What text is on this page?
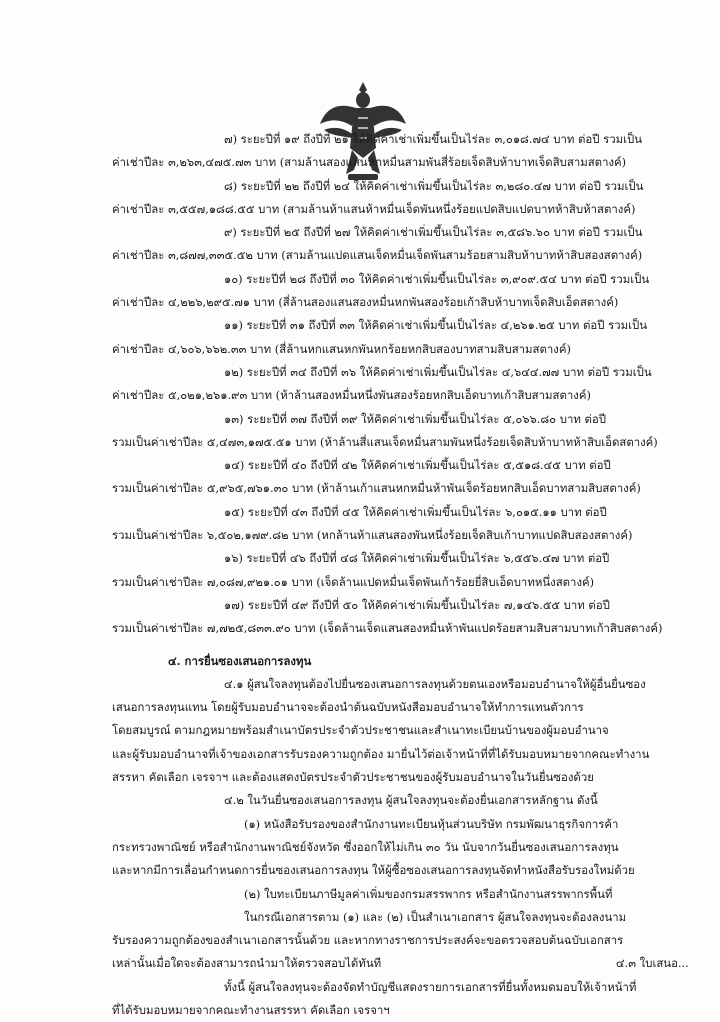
๗) ระยะปีที่ ๑๙ ถึงปีที่ ๒๑ ให้คิดค่าเช่าเพิ่มขึ้นเป็นไร่ละ ๓,๐๑๘.๗๔ บาท ต่อปี รวมเป็น
ค่าเช่าปีละ ๓,๒๖๓,๔๗๕.๗๓ บาท (สามล้านสองแสนหกหมื่นสามพันสี่ร้อยเจ็ดสิบห้าบาทเจ็ดสิบสามสตางค์)
๘) ระยะปีที่ ๒๒ ถึงปีที่ ๒๔ ให้คิดค่าเช่าเพิ่มขึ้นเป็นไร่ละ ๓,๒๘๐.๔๗ บาท ต่อปี รวมเป็น
ค่าเช่าปีละ ๓,๕๕๗,๑๘๘.๕๕ บาท (สามล้านห้าแสนห้าหมื่นเจ็ดพันหนึ่งร้อยแปดสิบแปดบาทห้าสิบห้าสตางค์)
๙) ระยะปีที่ ๒๕ ถึงปีที่ ๒๗ ให้คิดค่าเช่าเพิ่มขึ้นเป็นไร่ละ ๓,๕๘๖.๖๐ บาท ต่อปี รวมเป็น
ค่าเช่าปีละ ๓,๘๗๗,๓๓๕.๕๒ บาท (สามล้านแปดแสนเจ็ดหมื่นเจ็ดพันสามร้อยสามสิบห้าบาทห้าสิบสองสตางค์)
๑๐) ระยะปีที่ ๒๘ ถึงปีที่ ๓๐ ให้คิดค่าเช่าเพิ่มขึ้นเป็นไร่ละ ๓,๙๐๙.๕๔ บาท ต่อปี รวมเป็น
ค่าเช่าปีละ ๔,๒๒๖,๒๙๕.๗๑ บาท (สี่ล้านสองแสนสองหมื่นหกพันสองร้อยเก้าสิบห้าบาทเจ็ดสิบเอ็ดสตางค์)
๑๑) ระยะปีที่ ๓๑ ถึงปีที่ ๓๓ ให้คิดค่าเช่าเพิ่มขึ้นเป็นไร่ละ ๔,๒๖๑.๒๕ บาท ต่อปี รวมเป็น
ค่าเช่าปีละ ๔,๖๐๖,๖๖๒.๓๓ บาท (สี่ล้านหกแสนหกพันหกร้อยหกสิบสองบาทสามสิบสามสตางค์)
๑๒) ระยะปีที่ ๓๔ ถึงปีที่ ๓๖ ให้คิดค่าเช่าเพิ่มขึ้นเป็นไร่ละ ๔,๖๔๔.๗๗ บาท ต่อปี รวมเป็น
ค่าเช่าปีละ ๕,๐๒๑,๒๖๑.๙๓ บาท (ห้าล้านสองหมื่นหนึ่งพันสองร้อยหกสิบเอ็ดบาทเก้าสิบสามสตางค์)
๑๓) ระยะปีที่ ๓๗ ถึงปีที่ ๓๙ ให้คิดค่าเช่าเพิ่มขึ้นเป็นไร่ละ ๕,๐๖๖.๘๐ บาท ต่อปี
รวมเป็นค่าเช่าปีละ ๕,๔๗๓,๑๗๕.๕๑ บาท (ห้าล้านสี่แสนเจ็ดหมื่นสามพันหนึ่งร้อยเจ็ดสิบห้าบาทห้าสิบเอ็ดสตางค์)
๑๔) ระยะปีที่ ๔๐ ถึงปีที่ ๔๒ ให้คิดค่าเช่าเพิ่มขึ้นเป็นไร่ละ ๕,๕๑๘.๔๕ บาท ต่อปี
รวมเป็นค่าเช่าปีละ ๕,๙๖๕,๗๖๑.๓๐ บาท (ห้าล้านเก้าแสนหกหมื่นห้าพันเจ็ดร้อยหกสิบเอ็ดบาทสามสิบสตางค์)
๑๕) ระยะปีที่ ๔๓ ถึงปีที่ ๔๕ ให้คิดค่าเช่าเพิ่มขึ้นเป็นไร่ละ ๖,๐๑๕.๑๑ บาท ต่อปี
รวมเป็นค่าเช่าปีละ ๖,๕๐๒,๑๗๙.๘๒ บาท (หกล้านห้าแสนสองพันหนึ่งร้อยเจ็ดสิบเก้าบาทแปดสิบสองสตางค์)
๑๖) ระยะปีที่ ๔๖ ถึงปีที่ ๔๘ ให้คิดค่าเช่าเพิ่มขึ้นเป็นไร่ละ ๖,๕๕๖.๔๗ บาท ต่อปี
รวมเป็นค่าเช่าปีละ ๗,๐๘๗,๙๒๑.๐๑ บาท (เจ็ดล้านแปดหมื่นเจ็ดพันเก้าร้อยยี่สิบเอ็ดบาทหนึ่งสตางค์)
๑๗) ระยะปีที่ ๔๙ ถึงปีที่ ๕๐ ให้คิดค่าเช่าเพิ่มขึ้นเป็นไร่ละ ๗,๑๔๖.๕๕ บาท ต่อปี
รวมเป็นค่าเช่าปีละ ๗,๗๒๕,๘๓๓.๙๐ บาท (เจ็ดล้านเจ็ดแสนสองหมื่นห้าพันแปดร้อยสามสิบสามบาทเก้าสิบสตางค์)
๔. การยื่นซองเสนอการลงทุน
๔.๑ ผู้สนใจลงทุนต้องไปยื่นซองเสนอการลงทุนด้วยตนเองหรือมอบอำนาจให้ผู้อื่นยื่นซอง
เสนอการลงทุนแทน โดยผู้รับมอบอำนาจจะต้องนำต้นฉบับหนังสือมอบอำนาจให้ทำการแทนตัวการ
โดยสมบูรณ์ ตามกฎหมายพร้อมสำเนาบัตรประจำตัวประชาชนและสำเนาทะเบียนบ้านของผู้มอบอำนาจ
และผู้รับมอบอำนาจที่เจ้าของเอกสารรับรองความถูกต้อง มายื่นไว้ต่อเจ้าหน้าที่ที่ได้รับมอบหมายจากคณะทำงาน
สรรหา คัดเลือก เจรจาฯ และต้องแสดงบัตรประจำตัวประชาชนของผู้รับมอบอำนาจในวันยื่นซองด้วย
๔.๒ ในวันยื่นซองเสนอการลงทุน ผู้สนใจลงทุนจะต้องยื่นเอกสารหลักฐาน ดังนี้
(๑) หนังสือรับรองของสำนักงานทะเบียนหุ้นส่วนบริษัท กรมพัฒนาธุรกิจการค้า
กระทรวงพาณิชย์ หรือสำนักงานพาณิชย์จังหวัด ซึ่งออกให้ไม่เกิน ๓๐ วัน นับจากวันยื่นซองเสนอการลงทุน
และหากมีการเลื่อนกำหนดการยื่นซองเสนอการลงทุน ให้ผู้ซื้อซองเสนอการลงทุนจัดทำหนังสือรับรองใหม่ด้วย
(๒) ใบทะเบียนภาษีมูลค่าเพิ่มของกรมสรรพากร หรือสำนักงานสรรพากรพื้นที่
ในกรณีเอกสารตาม (๑) และ (๒) เป็นสำเนาเอกสาร ผู้สนใจลงทุนจะต้องลงนาม
รับรองความถูกต้องของสำเนาเอกสารนั้นด้วย และหากทางราชการประสงค์จะขอตรวจสอบต้นฉบับเอกสาร
เหล่านั้นเมื่อใดจะต้องสามารถนำมาให้ตรวจสอบได้ทันที
ทั้งนี้ ผู้สนใจลงทุนจะต้องจัดทำบัญชีแสดงรายการเอกสารที่ยื่นทั้งหมดมอบให้เจ้าหน้าที่
ที่ได้รับมอบหมายจากคณะทำงานสรรหา คัดเลือก เจรจาฯ
๔.๓ ใบเสนอ...
